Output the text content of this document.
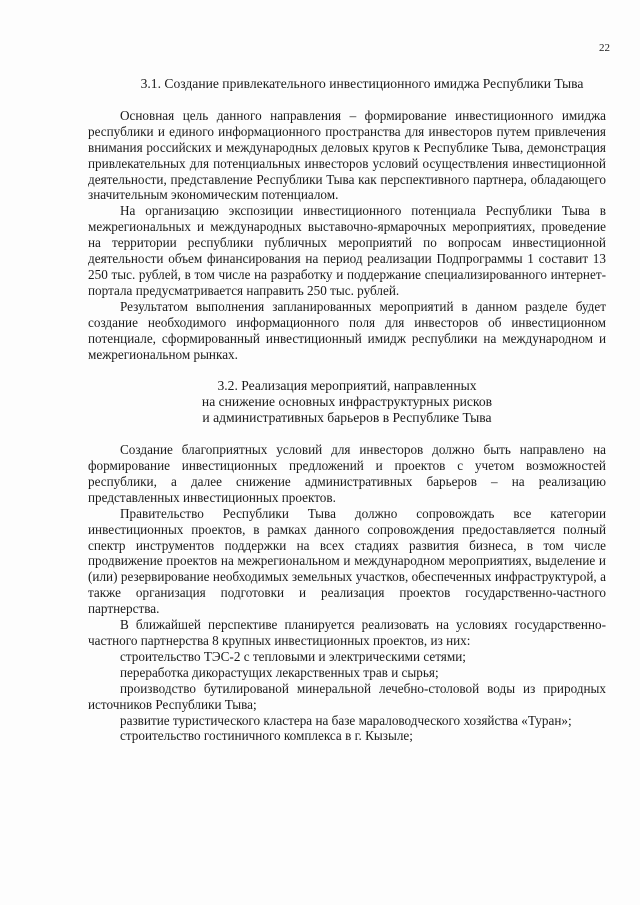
22
3.1. Создание привлекательного инвестиционного имиджа Республики Тыва

Основная цель данного направления – формирование инвестиционного имиджа республики и единого информационного пространства для инвесторов путем привлечения внимания российских и международных деловых кругов к Республике Тыва, демонстрация привлекательных для потенциальных инвесторов условий осуществления инвестиционной деятельности, представление Республики Тыва как перспективного партнера, обладающего значительным экономическим потенциалом.

На организацию экспозиции инвестиционного потенциала Республики Тыва в межрегиональных и международных выставочно-ярмарочных мероприятиях, проведение на территории республики публичных мероприятий по вопросам инвестиционной деятельности объем финансирования на период реализации Подпрограммы 1 составит 13 250 тыс. рублей, в том числе на разработку и поддержание специализированного интернет-портала предусматривается направить 250 тыс. рублей.

Результатом выполнения запланированных мероприятий в данном разделе будет создание необходимого информационного поля для инвесторов об инвестиционном потенциале, сформированный инвестиционный имидж республики на международном и межрегиональном рынках.

3.2. Реализация мероприятий, направленных
на снижение основных инфраструктурных рисков
и административных барьеров в Республике Тыва

Создание благоприятных условий для инвесторов должно быть направлено на формирование инвестиционных предложений и проектов с учетом возможностей республики, а далее снижение административных барьеров – на реализацию представленных инвестиционных проектов.

Правительство Республики Тыва должно сопровождать все категории инвестиционных проектов, в рамках данного сопровождения предоставляется полный спектр инструментов поддержки на всех стадиях развития бизнеса, в том числе продвижение проектов на межрегиональном и международном мероприятиях, выделение и (или) резервирование необходимых земельных участков, обеспеченных инфраструктурой, а также организация подготовки и реализация проектов государственно-частного партнерства.

В ближайшей перспективе планируется реализовать на условиях государственно-частного партнерства 8 крупных инвестиционных проектов, из них:

строительство ТЭС-2 с тепловыми и электрическими сетями;

переработка дикорастущих лекарственных трав и сырья;

производство бутилированой минеральной лечебно-столовой воды из природных источников Республики Тыва;

развитие туристического кластера на базе мараловодческого хозяйства «Туран»;

строительство гостиничного комплекса в г. Кызыле;
